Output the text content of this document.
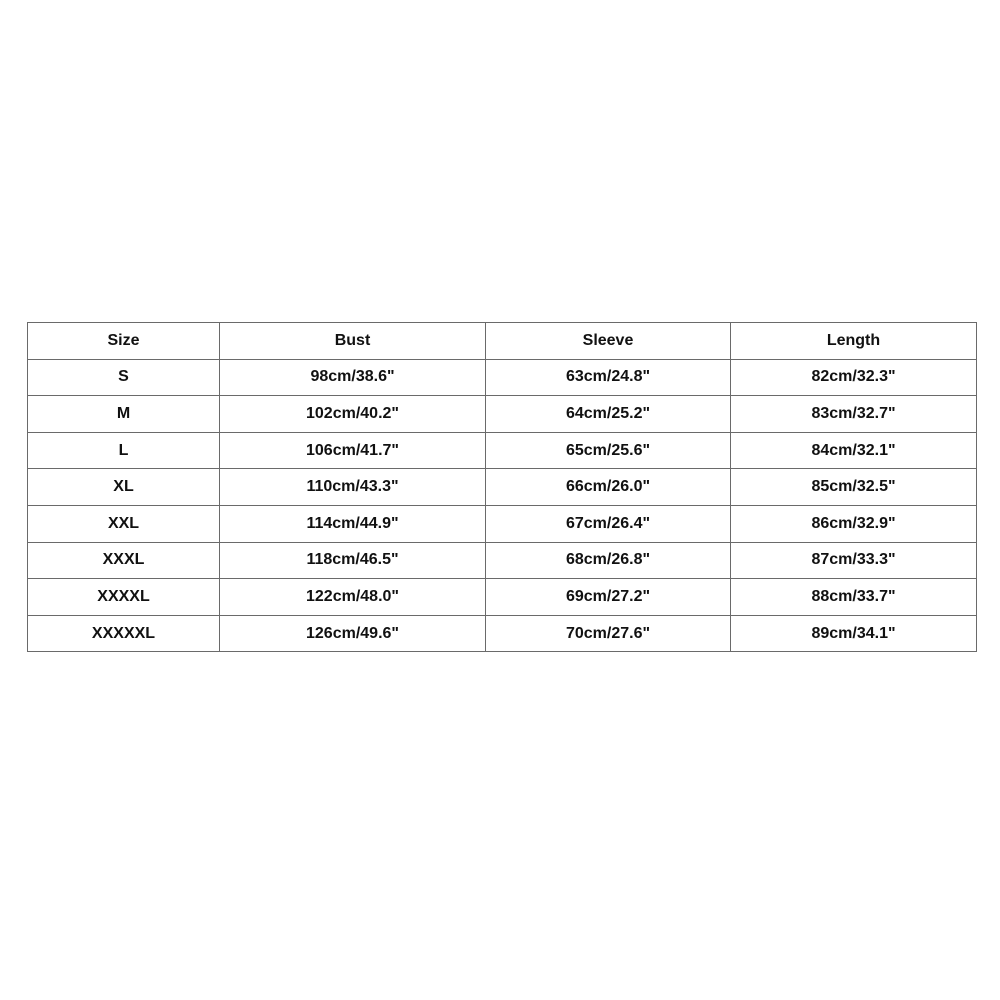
Size	Bust	Sleeve	Length
S	98cm/38.6"	63cm/24.8"	82cm/32.3"
M	102cm/40.2"	64cm/25.2"	83cm/32.7"
L	106cm/41.7"	65cm/25.6"	84cm/32.1"
XL	110cm/43.3"	66cm/26.0"	85cm/32.5"
XXL	114cm/44.9"	67cm/26.4"	86cm/32.9"
XXXL	118cm/46.5"	68cm/26.8"	87cm/33.3"
XXXXL	122cm/48.0"	69cm/27.2"	88cm/33.7"
XXXXXL	126cm/49.6"	70cm/27.6"	89cm/34.1"
